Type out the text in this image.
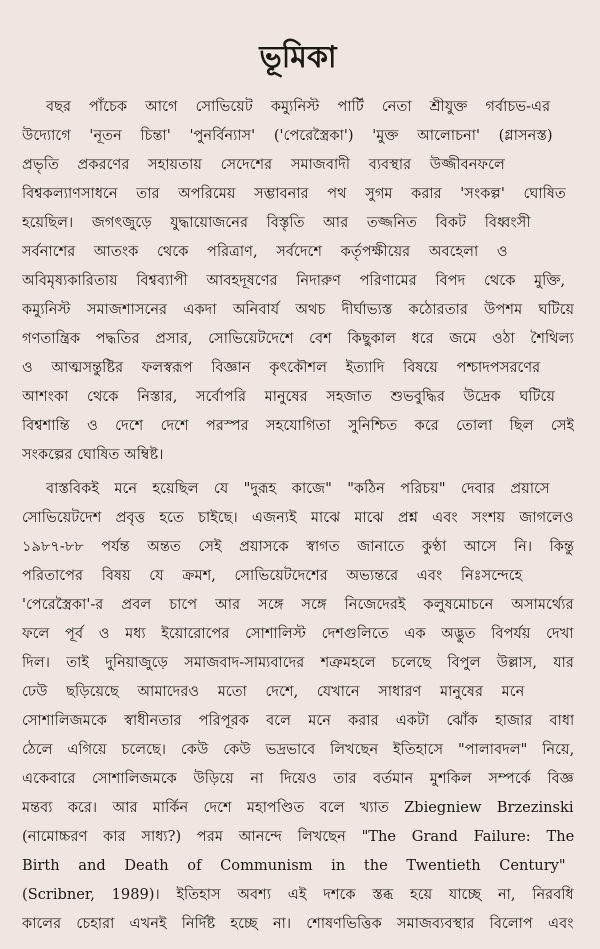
ভূমিকা

বছর পাঁচেক আগে সোভিয়েট কম্যুনিস্ট পার্টি নেতা শ্রীযুক্ত গর্বাচভ-এর
উদ্যোগে 'নূতন চিন্তা' 'পুনর্বিন্যাস' ('পেরেস্ত্রৈকা') 'মুক্ত আলোচনা' (গ্লাসনস্ত)
প্রভৃতি প্রকরণের সহায়তায় সেদেশের সমাজবাদী ব্যবস্থার উজ্জীবনফলে
বিশ্বকল্যাণসাধনে তার অপরিমেয় সম্ভাবনার পথ সুগম করার 'সংকল্প' ঘোষিত
হয়েছিল। জগৎজুড়ে যুদ্ধায়োজনের বিস্তৃতি আর তজ্জনিত বিকট বিধ্বংসী
সর্বনাশের আতংক থেকে পরিত্রাণ, সর্বদেশে কর্তৃপক্ষীয়ের অবহেলা ও
অবিমৃষ্যকারিতায় বিশ্বব্যাপী আবহদূষণের নিদারুণ পরিণামের বিপদ থেকে মুক্তি,
কম্যুনিস্ট সমাজশাসনের একদা অনিবার্য অথচ দীর্ঘাভ্যস্ত কঠোরতার উপশম ঘটিয়ে
গণতান্ত্রিক পদ্ধতির প্রসার, সোভিয়েটদেশে বেশ কিছুকাল ধরে জমে ওঠা শৈথিল্য
ও আত্মসন্তুষ্টির ফলস্বরূপ বিজ্ঞান কৃৎকৌশল ইত্যাদি বিষয়ে পশ্চাদপসরণের
আশংকা থেকে নিস্তার, সর্বোপরি মানুষের সহজাত শুভবুদ্ধির উদ্রেক ঘটিয়ে
বিশ্বশান্তি ও দেশে দেশে পরস্পর সহযোগিতা সুনিশ্চিত করে তোলা ছিল সেই
সংকল্পের ঘোষিত অম্বিষ্ট।

বাস্তবিকই মনে হয়েছিল যে "দুরূহ কাজে" "কঠিন পরিচয়" দেবার প্রয়াসে
সোভিয়েটদেশ প্রবৃত্ত হতে চাইছে। এজন্যই মাঝে মাঝে প্রশ্ন এবং সংশয় জাগলেও
১৯৮৭-৮৮ পর্যন্ত অন্তত সেই প্রয়াসকে স্বাগত জানাতে কুণ্ঠা আসে নি। কিন্তু
পরিতাপের বিষয় যে ক্রমশ, সোভিয়েটদেশের অভ্যন্তরে এবং নিঃসন্দেহে
'পেরেস্ত্রৈকা'-র প্রবল চাপে আর সঙ্গে সঙ্গে নিজেদেরই কলুষমোচনে অসামর্থ্যের
ফলে পূর্ব ও মধ্য ইয়োরোপের সোশালিস্ট দেশগুলিতে এক অদ্ভুত বিপর্যয় দেখা
দিল। তাই দুনিয়াজুড়ে সমাজবাদ-সাম্যবাদের শত্রুমহলে চলেছে বিপুল উল্লাস, যার
ঢেউ ছড়িয়েছে আমাদেরও মতো দেশে, যেখানে সাধারণ মানুষের মনে
সোশালিজমকে স্বাধীনতার পরিপূরক বলে মনে করার একটা ঝোঁক হাজার বাধা
ঠেলে এগিয়ে চলেছে। কেউ কেউ ভদ্রভাবে লিখছেন ইতিহাসে "পালাবদল" নিয়ে,
একেবারে সোশালিজমকে উড়িয়ে না দিয়েও তার বর্তমান মুশকিল সম্পর্কে বিজ্ঞ
মন্তব্য করে। আর মার্কিন দেশে মহাপণ্ডিত বলে খ্যাত Zbiegniew Brzezinski
(নামোচ্চরণ কার সাধ্য?) পরম আনন্দে লিখছেন "The Grand Failure: The
Birth and Death of Communism in the Twentieth Century"
(Scribner, 1989)। ইতিহাস অবশ্য এই দশকে স্তব্ধ হয়ে যাচ্ছে না, নিরবধি
কালের চেহারা এখনই নির্দিষ্ট হচ্ছে না। শোষণভিত্তিক সমাজব্যবস্থার বিলোপ এবং
